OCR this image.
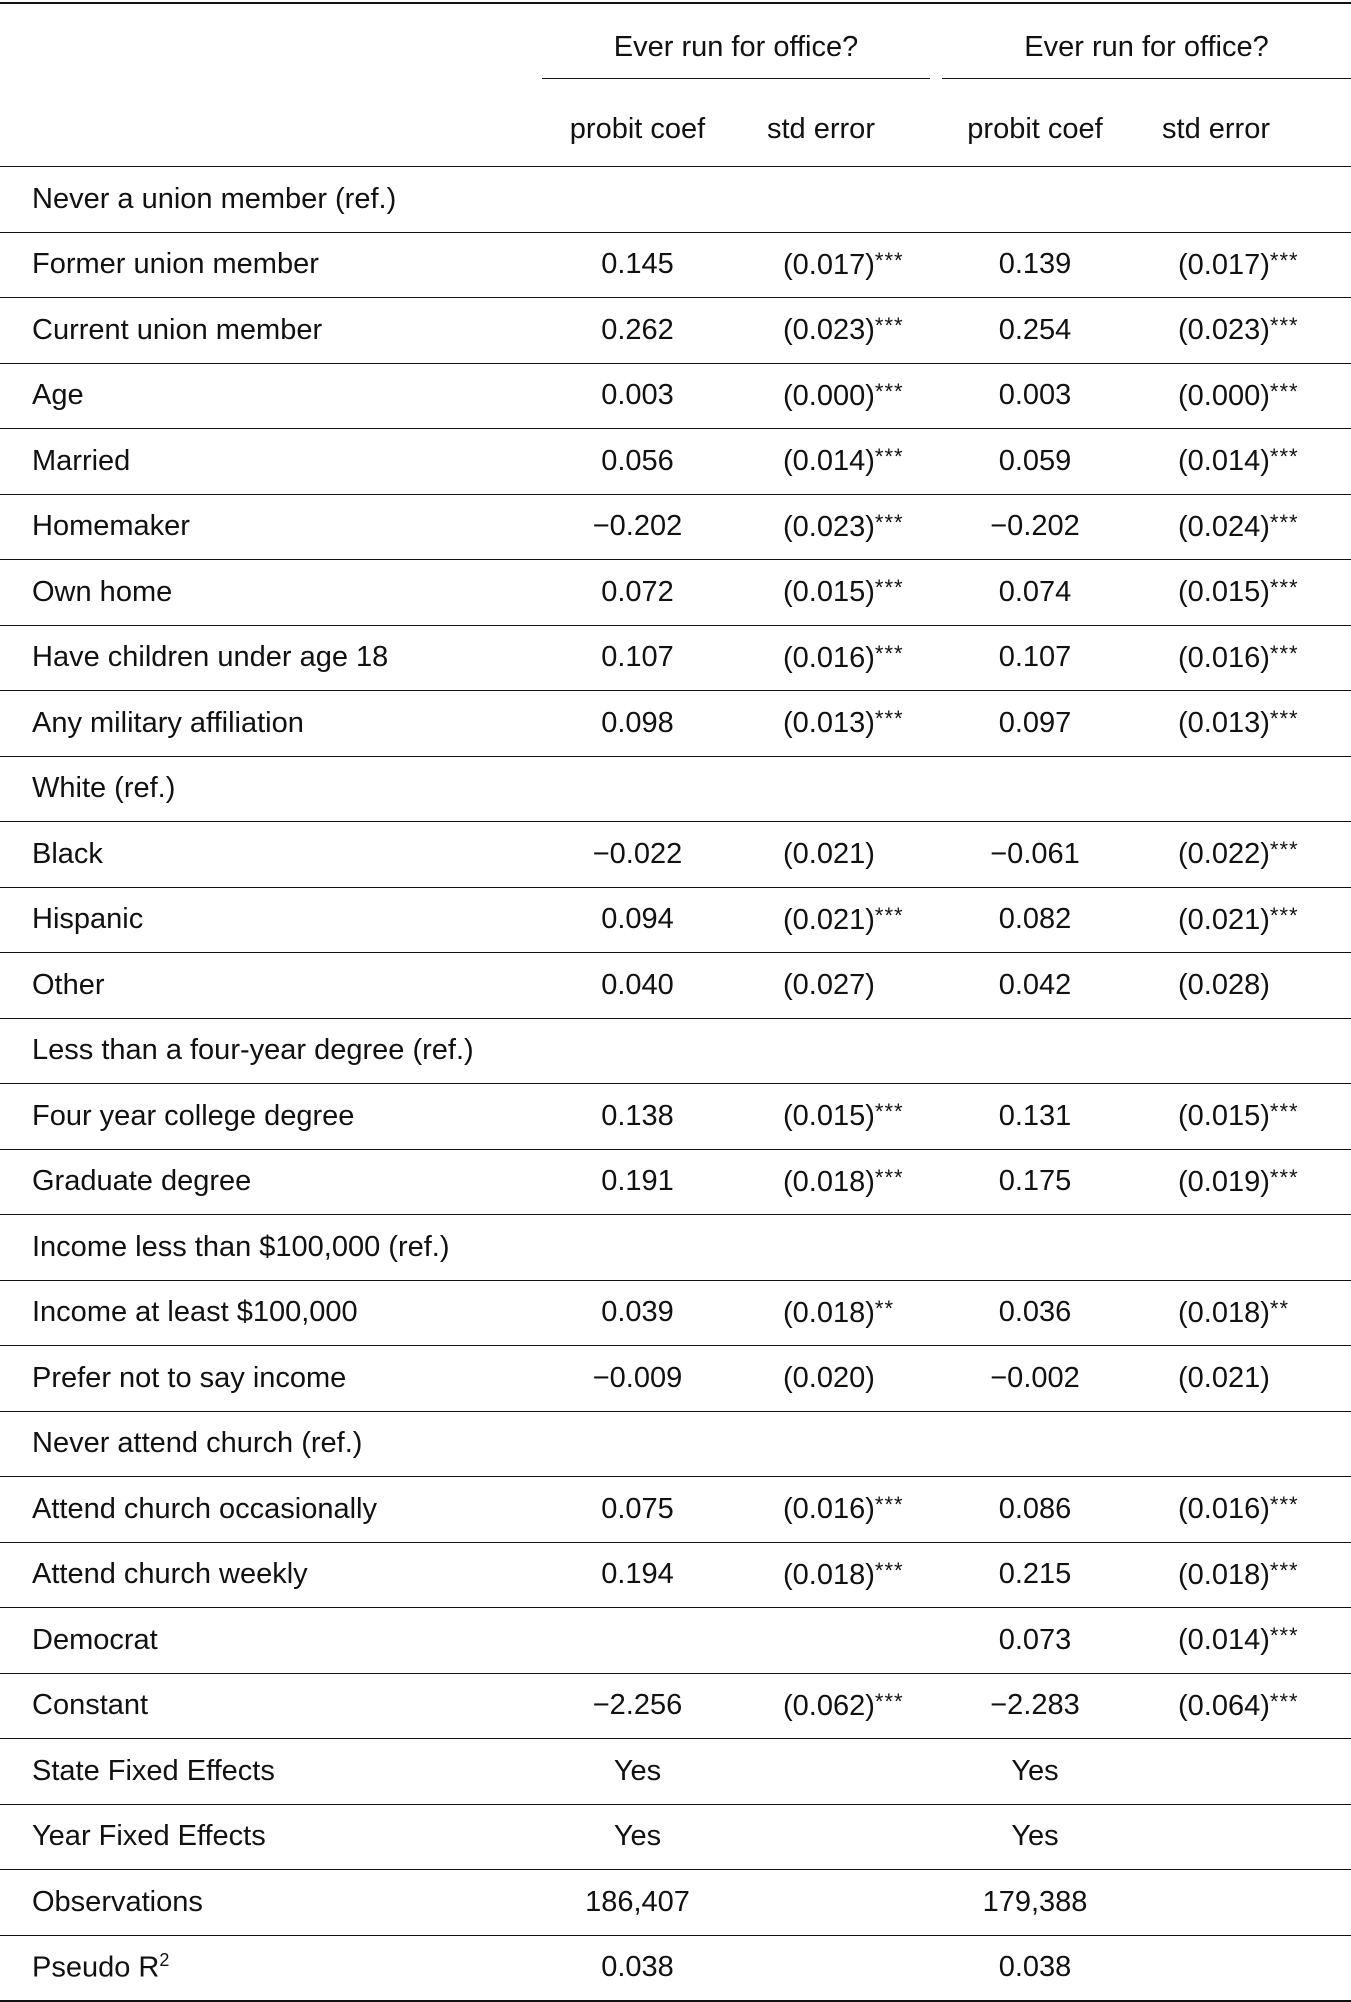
	Ever run for office?		Ever run for office?	

	probit coef	std error	probit coef	std error
Never a union member (ref.)				
Former union member	0.145	(0.017)***	0.139	(0.017)***
Current union member	0.262	(0.023)***	0.254	(0.023)***
Age	0.003	(0.000)***	0.003	(0.000)***
Married	0.056	(0.014)***	0.059	(0.014)***
Homemaker	−0.202	(0.023)***	−0.202	(0.024)***
Own home	0.072	(0.015)***	0.074	(0.015)***
Have children under age 18	0.107	(0.016)***	0.107	(0.016)***
Any military affiliation	0.098	(0.013)***	0.097	(0.013)***
White (ref.)				
Black	−0.022	(0.021)	−0.061	(0.022)***
Hispanic	0.094	(0.021)***	0.082	(0.021)***
Other	0.040	(0.027)	0.042	(0.028)
Less than a four-year degree (ref.)				
Four year college degree	0.138	(0.015)***	0.131	(0.015)***
Graduate degree	0.191	(0.018)***	0.175	(0.019)***
Income less than $100,000 (ref.)				
Income at least $100,000	0.039	(0.018)**	0.036	(0.018)**
Prefer not to say income	−0.009	(0.020)	−0.002	(0.021)
Never attend church (ref.)				
Attend church occasionally	0.075	(0.016)***	0.086	(0.016)***
Attend church weekly	0.194	(0.018)***	0.215	(0.018)***
Democrat			0.073	(0.014)***
Constant	−2.256	(0.062)***	−2.283	(0.064)***
State Fixed Effects	Yes		Yes	
Year Fixed Effects	Yes		Yes	
Observations	186,407		179,388	
Pseudo $R^2$	0.038		0.038	
